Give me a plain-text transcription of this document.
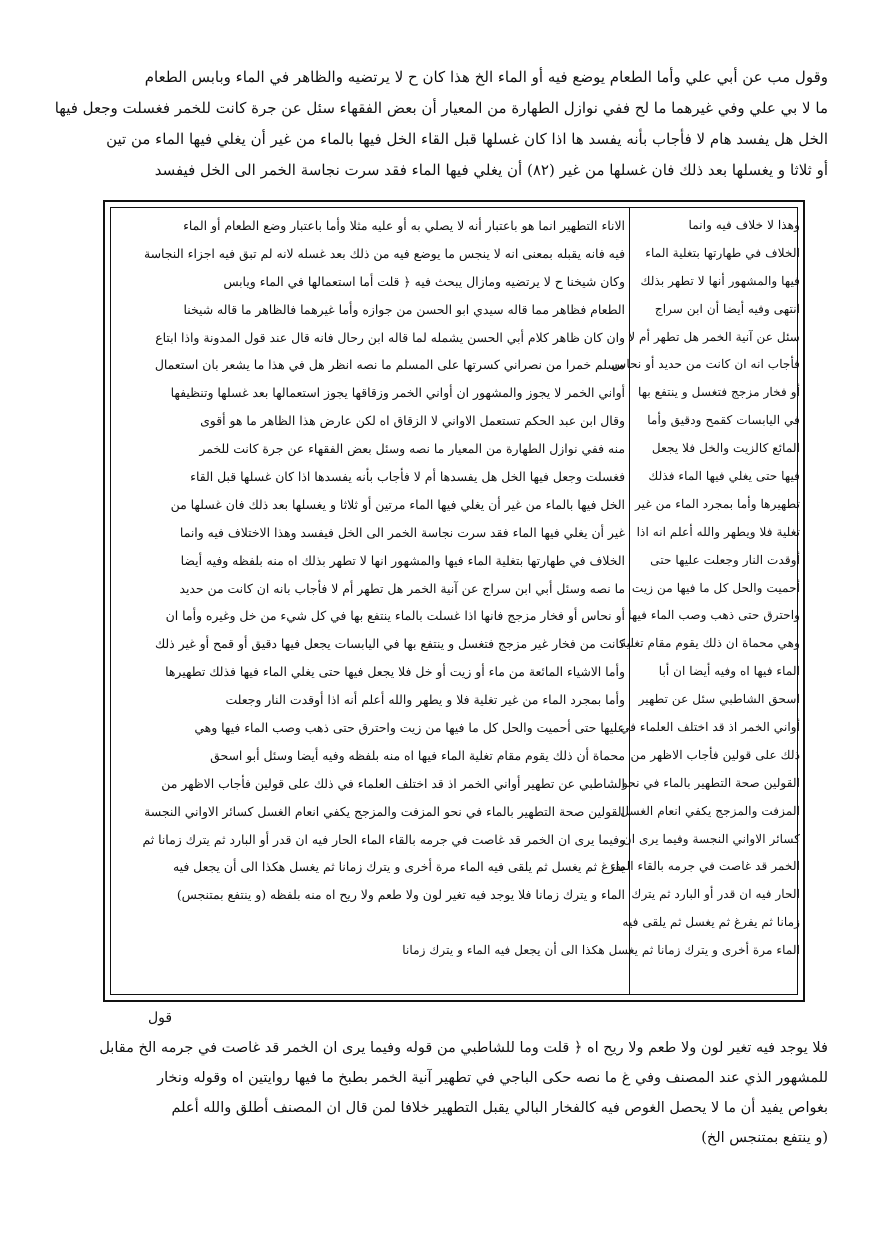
وقول مب عن أبي علي وأما الطعام يوضع فيه أو الماء الخ هذا كان ح لا يرتضيه والظاهر في الماء وبابس الطعام
ما لا بي علي وفي غيرهما ما لح ففي نوازل الطهارة من المعيار أن بعض الفقهاء سئل عن جرة كانت للخمر فغسلت وجعل فيها
الخل هل يفسد هام لا فأجاب بأنه يفسد ها اذا كان غسلها قبل القاء الخل فيها بالماء من غير أن يغلي فيها الماء من تين
أو ثلاثا و يغسلها بعد ذلك فان غسلها من غير (٨٢) أن يغلي فيها الماء فقد سرت نجاسة الخمر الى الخل فيفسد
وهذا لا خلاف فيه وانما
الخلاف في طهارتها بتغلية الماء
فيها والمشهور أنها لا تطهر بذلك
انتهى وفيه أيضا أن ابن سراج
سئل عن آنية الخمر هل تطهر أم لا
فأجاب انه ان كانت من حديد أو نحاس
أو فخار مزجج فتغسل و ينتفع بها
في اليابسات كقمح ودقيق وأما
المائع كالزيت والخل فلا يجعل
فيها حتى يغلي فيها الماء فذلك
تطهيرها وأما بمجرد الماء من غير
تغلية فلا ويطهر والله أعلم انه اذا
أوقدت النار وجعلت عليها حتى
أحميت والحل كل ما فيها من زيت
واحترق حتى ذهب وصب الماء فيها
وهي محماة ان ذلك يقوم مقام تغلية
الماء فيها اه وفيه أيضا ان أبا
اسحق الشاطبي سئل عن تطهير
أواني الخمر اذ قد اختلف العلماء في
ذلك على قولين فأجاب الاظهر من
القولين صحة التطهير بالماء في نحو
المزفت والمزجج يكفي انعام الغسل
كسائر الاواني النجسة وفيما يرى ان
الخمر قد غاصت في جرمه بالقاء الماء
الحار فيه ان قدر أو البارد ثم يترك
زمانا ثم يفرغ ثم يغسل ثم يلقى فيه
الماء مرة أخرى و يترك زمانا ثم يغسل هكذا الى أن يجعل فيه الماء و يترك زمانا
الاناء التطهير انما هو باعتبار أنه لا يصلي به أو عليه مثلا وأما باعتبار وضع الطعام أو الماء
فيه فانه يقبله بمعنى انه لا ينجس ما يوضع فيه من ذلك بعد غسله لانه لم تبق فيه اجزاء النجاسة
وكان شيخنا ح لا يرتضيه ومازال يبحث فيه ﴿ قلت أما استعمالها في الماء ويابس
الطعام فظاهر مما قاله سيدي ابو الحسن من جوازه وأما غيرهما فالظاهر ما قاله شيخنا
وان كان ظاهر كلام أبي الحسن يشمله لما قاله ابن رحال فانه قال عند قول المدونة واذا ابتاع
مسلم خمرا من نصراني كسرتها على المسلم ما نصه انظر هل في هذا ما يشعر بان استعمال
أواني الخمر لا يجوز والمشهور ان أواني الخمر وزقاقها يجوز استعمالها بعد غسلها وتنظيفها
وقال ابن عبد الحكم تستعمل الاواني لا الزقاق اه لكن عارض هذا الظاهر ما هو أقوى
منه ففي نوازل الطهارة من المعيار ما نصه وسئل بعض الفقهاء عن جرة كانت للخمر
فغسلت وجعل فيها الخل هل يفسدها أم لا فأجاب بأنه يفسدها اذا كان غسلها قبل القاء
الخل فيها بالماء من غير أن يغلي فيها الماء مرتين أو ثلاثا و يغسلها بعد ذلك فان غسلها من
غير أن يغلي فيها الماء فقد سرت نجاسة الخمر الى الخل فيفسد وهذا الاختلاف فيه وانما
الخلاف في طهارتها بتغلية الماء فيها والمشهور انها لا تطهر بذلك اه منه بلفظه وفيه أيضا
ما نصه وسئل أبي ابن سراج عن آنية الخمر هل تطهر أم لا فأجاب بانه ان كانت من حديد
أو نحاس أو فخار مزجج فانها اذا غسلت بالماء ينتفع بها في كل شيء من خل وغيره وأما ان
كانت من فخار غير مزجج فتغسل و ينتفع بها في اليابسات يجعل فيها دقيق أو قمح أو غير ذلك
وأما الاشياء المائعة من ماء أو زيت أو خل فلا يجعل فيها حتى يغلي الماء فيها فذلك تطهيرها
وأما بمجرد الماء من غير تغلية فلا و يطهر والله أعلم أنه اذا أوقدت النار وجعلت
عليها حتى أحميت والحل كل ما فيها من زيت واحترق حتى ذهب وصب الماء فيها وهي
محماة أن ذلك يقوم مقام تغلية الماء فيها اه منه بلفظه وفيه أيضا وسئل أبو اسحق
الشاطبي عن تطهير أواني الخمر اذ قد اختلف العلماء في ذلك على قولين فأجاب الاظهر من
القولين صحة التطهير بالماء في نحو المزفت والمزجج يكفي انعام الغسل كسائر الاواني النجسة
وفيما يرى ان الخمر قد غاصت في جرمه بالقاء الماء الحار فيه ان قدر أو البارد ثم يترك زمانا ثم
يفرغ ثم يغسل ثم يلقى فيه الماء مرة أخرى و يترك زمانا ثم يغسل هكذا الى أن يجعل فيه
الماء و يترك زمانا فلا يوجد فيه تغير لون ولا طعم ولا ريح اه منه بلفظه (و ينتفع بمتنجس)
قول
فلا يوجد فيه تغير لون ولا طعم ولا ريح اه ﴿ قلت وما للشاطبي من قوله وفيما يرى ان الخمر قد غاصت في جرمه الخ مقابل
للمشهور الذي عند المصنف وفي غ ما نصه حكى الباجي في تطهير آنية الخمر بطبخ ما فيها روايتين اه وقوله ونخار
بغواص يفيد أن ما لا يحصل الغوص فيه كالفخار البالي يقبل التطهير خلافا لمن قال ان المصنف أطلق والله أعلم
(و ينتفع بمتنجس الخ)
